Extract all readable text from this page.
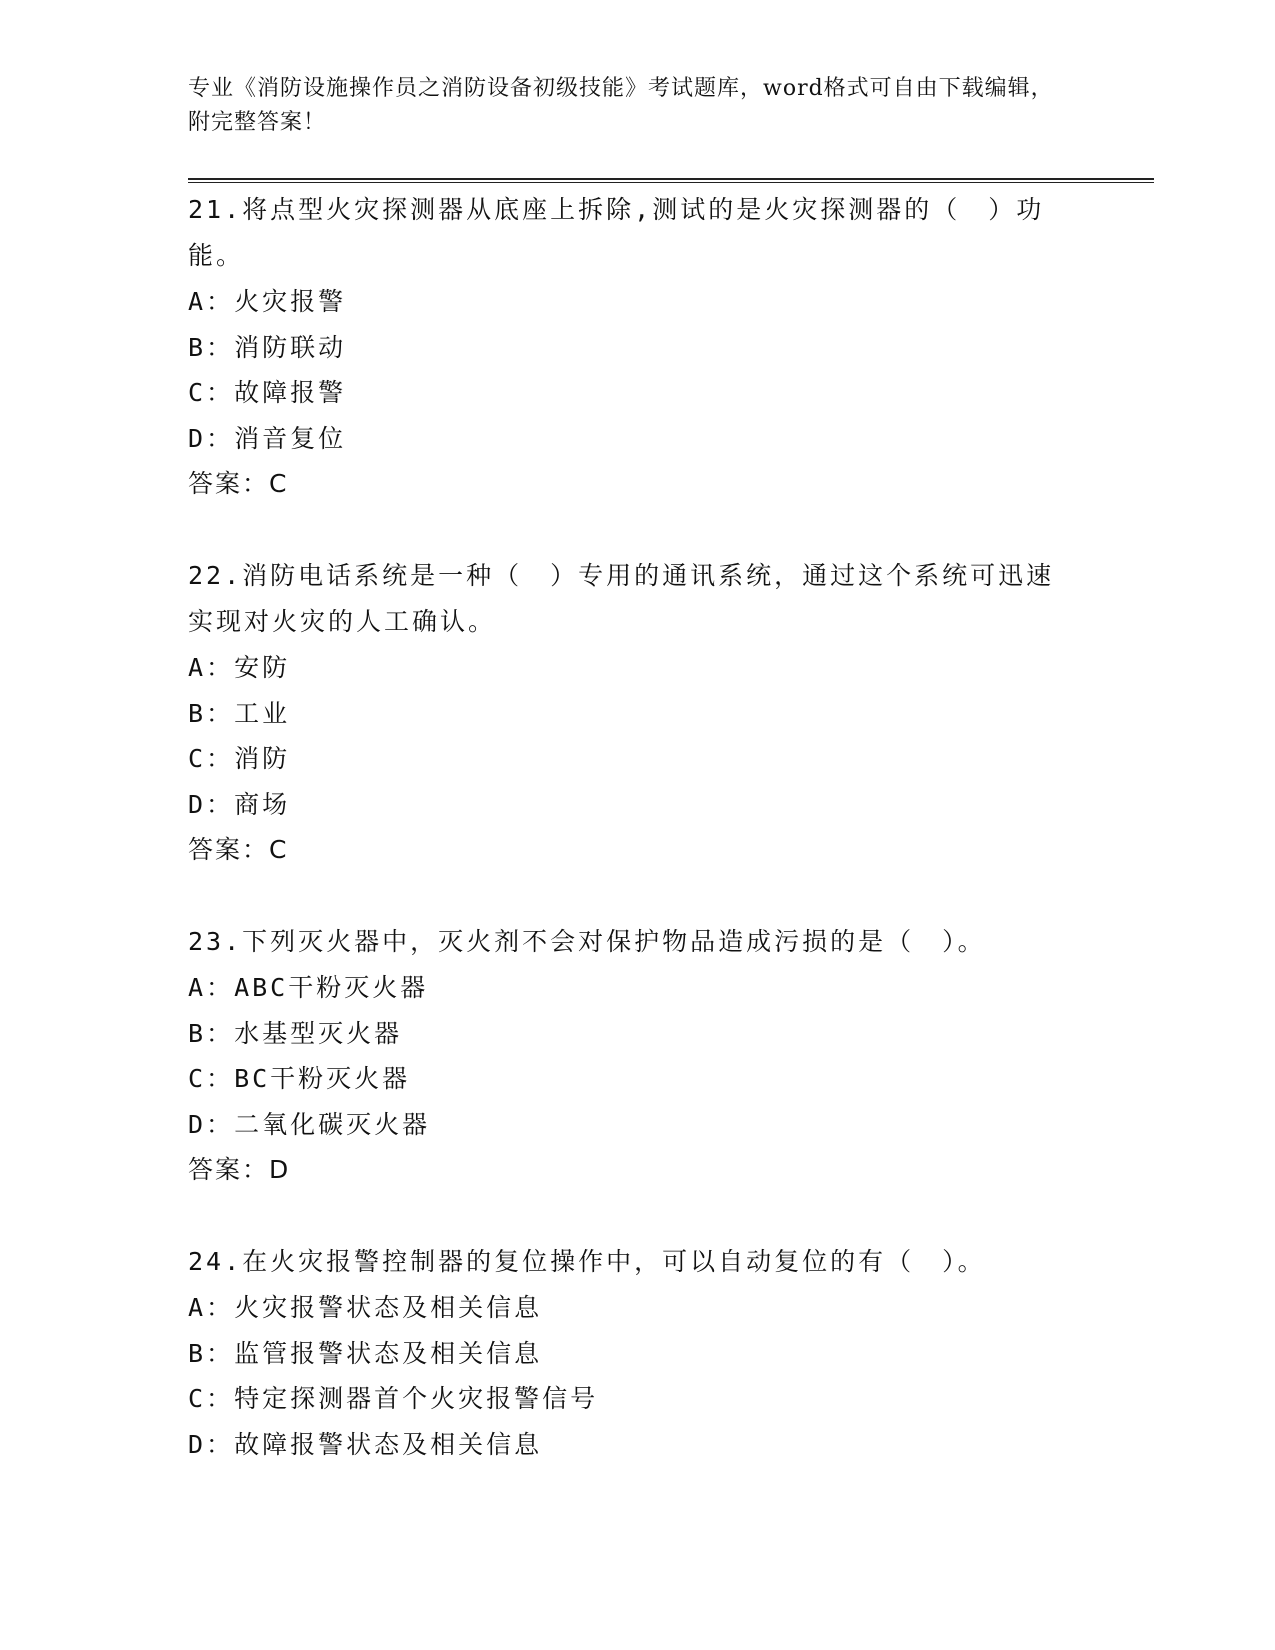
专业《消防设施操作员之消防设备初级技能》考试题库，word格式可自由下载编辑，附完整答案！

21.将点型火灾探测器从底座上拆除,测试的是火灾探测器的（　）功能。

A：火灾报警

B：消防联动

C：故障报警

D：消音复位

答案：C

22.消防电话系统是一种（　）专用的通讯系统，通过这个系统可迅速实现对火灾的人工确认。

A：安防

B：工业

C：消防

D：商场

答案：C

23.下列灭火器中，灭火剂不会对保护物品造成污损的是（　）。

A：ABC干粉灭火器

B：水基型灭火器

C：BC干粉灭火器

D：二氧化碳灭火器

答案：D

24.在火灾报警控制器的复位操作中，可以自动复位的有（　）。

A：火灾报警状态及相关信息

B：监管报警状态及相关信息

C：特定探测器首个火灾报警信号

D：故障报警状态及相关信息
